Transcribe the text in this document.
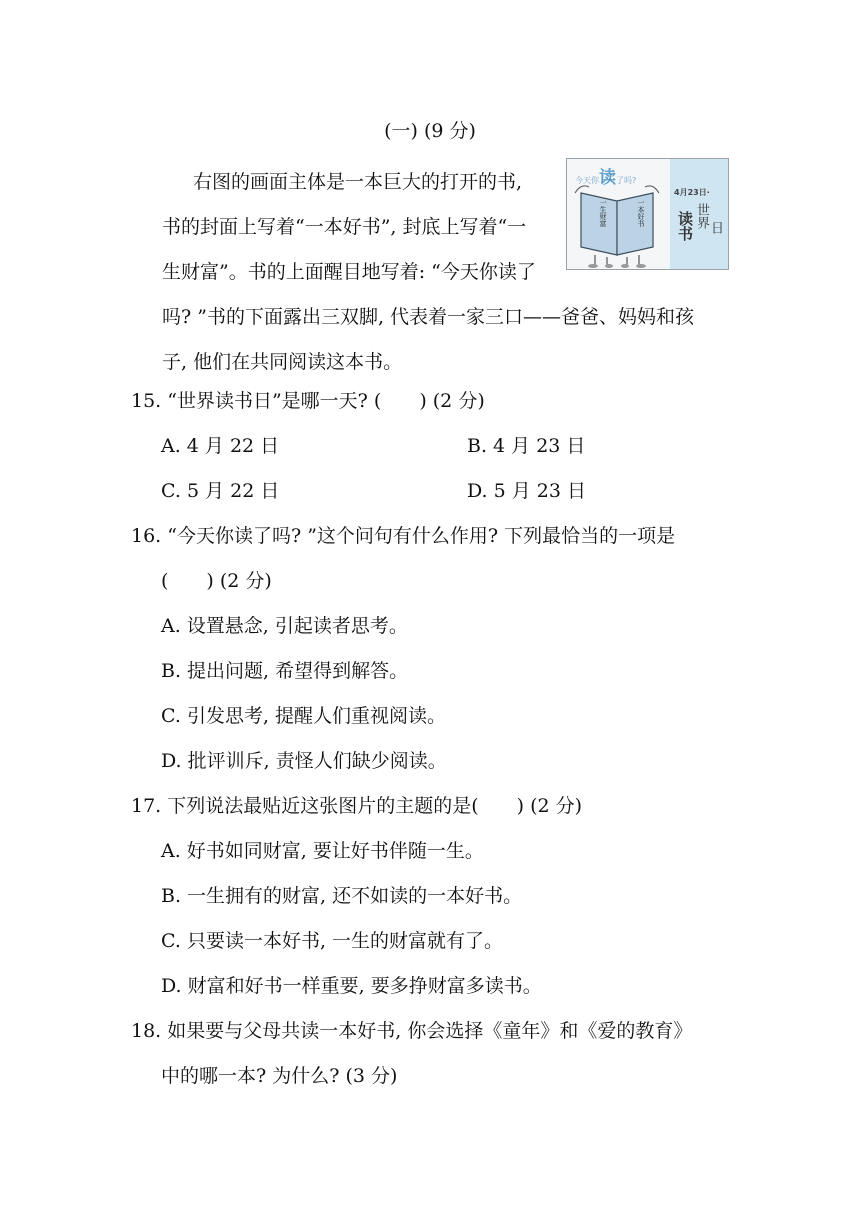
(一) (9 分)
右图的画面主体是一本巨大的打开的书,
书的封面上写着“一本好书”, 封底上写着“一
生财富”。书的上面醒目地写着: “今天你读了
吗? ”书的下面露出三双脚, 代表着一家三口——爸爸、妈妈和孩
子, 他们在共同阅读这本书。
今天你读了吗?
一生财富	一本好书
4月23日·
世界
读书 日
15. “世界读书日”是哪一天? (　　) (2 分)
A. 4 月 22 日	B. 4 月 23 日
C. 5 月 22 日	D. 5 月 23 日
16. “今天你读了吗? ”这个问句有什么作用? 下列最恰当的一项是
(　　) (2 分)
A. 设置悬念, 引起读者思考。
B. 提出问题, 希望得到解答。
C. 引发思考, 提醒人们重视阅读。
D. 批评训斥, 责怪人们缺少阅读。
17. 下列说法最贴近这张图片的主题的是(　　) (2 分)
A. 好书如同财富, 要让好书伴随一生。
B. 一生拥有的财富, 还不如读的一本好书。
C. 只要读一本好书, 一生的财富就有了。
D. 财富和好书一样重要, 要多挣财富多读书。
18. 如果要与父母共读一本好书, 你会选择《童年》和《爱的教育》
中的哪一本? 为什么? (3 分)
